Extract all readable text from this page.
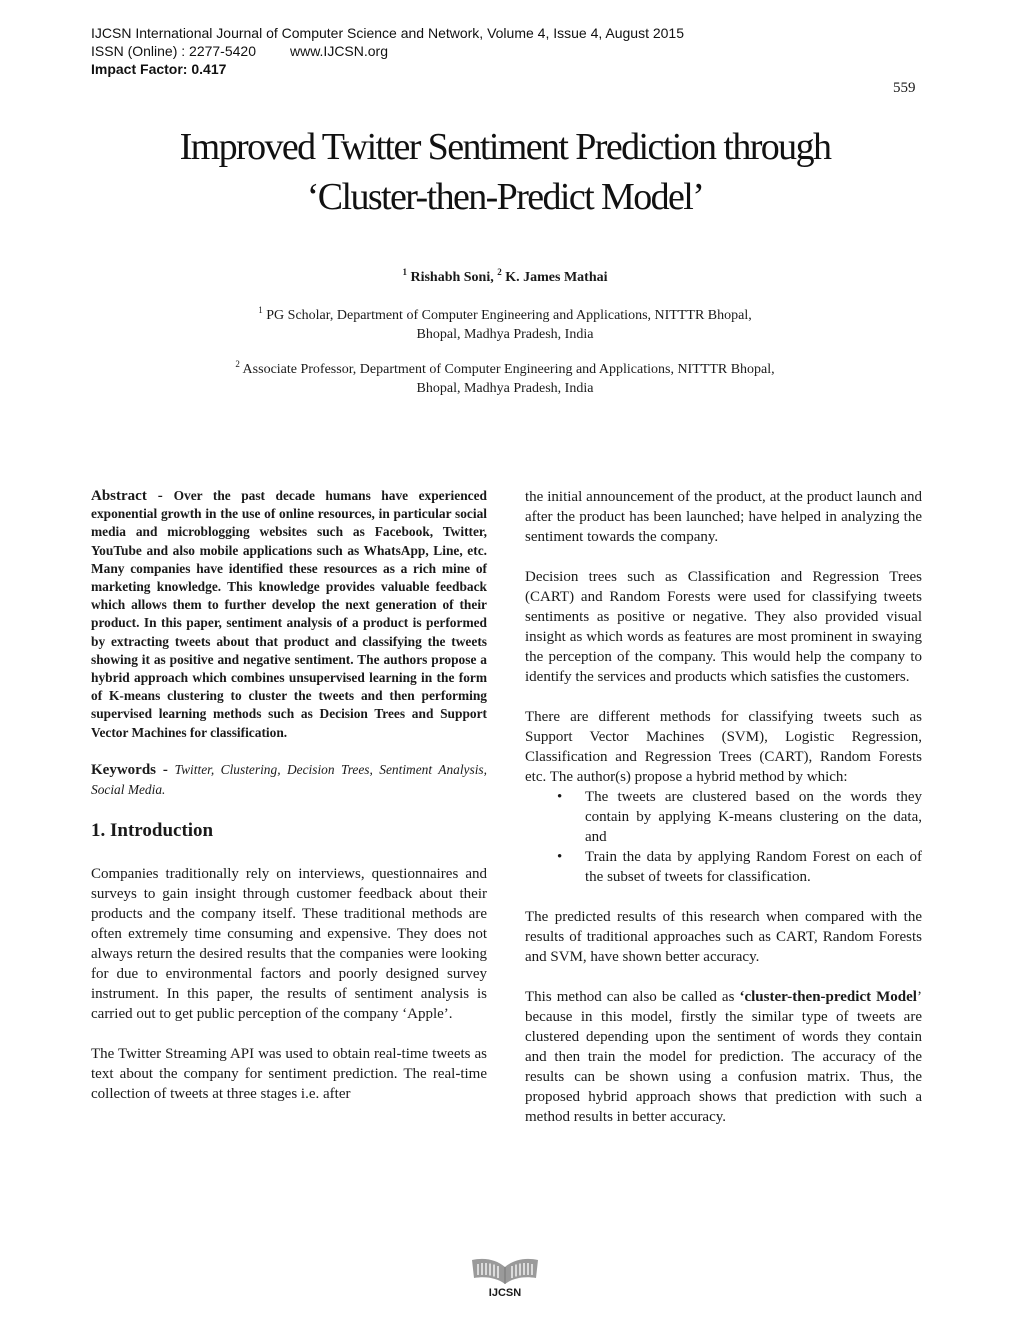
IJCSN International Journal of Computer Science and Network, Volume 4, Issue 4, August 2015
ISSN (Online) : 2277-5420 www.IJCSN.org
Impact Factor: 0.417
559
Improved Twitter Sentiment Prediction through
‘Cluster-then-Predict Model’
$^1$ Rishabh Soni, $^2$ K. James Mathai
$^1$ PG Scholar, Department of Computer Engineering and Applications, NITTTR Bhopal,
Bhopal, Madhya Pradesh, India
$^2$ Associate Professor, Department of Computer Engineering and Applications, NITTTR Bhopal,
Bhopal, Madhya Pradesh, India

Abstract - Over the past decade humans have experienced exponential growth in the use of online resources, in particular social media and microblogging websites such as Facebook, Twitter, YouTube and also mobile applications such as WhatsApp, Line, etc. Many companies have identified these resources as a rich mine of marketing knowledge. This knowledge provides valuable feedback which allows them to further develop the next generation of their product. In this paper, sentiment analysis of a product is performed by extracting tweets about that product and classifying the tweets showing it as positive and negative sentiment. The authors propose a hybrid approach which combines unsupervised learning in the form of K-means clustering to cluster the tweets and then performing supervised learning methods such as Decision Trees and Support Vector Machines for classification.

Keywords - Twitter, Clustering, Decision Trees, Sentiment Analysis, Social Media.

1. Introduction

Companies traditionally rely on interviews, questionnaires and surveys to gain insight through customer feedback about their products and the company itself. These traditional methods are often extremely time consuming and expensive. They does not always return the desired results that the companies were looking for due to environmental factors and poorly designed survey instrument. In this paper, the results of sentiment analysis is carried out to get public perception of the company ‘Apple’.

The Twitter Streaming API was used to obtain real-time tweets as text about the company for sentiment prediction. The real-time collection of tweets at three stages i.e. after

the initial announcement of the product, at the product launch and after the product has been launched; have helped in analyzing the sentiment towards the company.

Decision trees such as Classification and Regression Trees (CART) and Random Forests were used for classifying tweets sentiments as positive or negative. They also provided visual insight as which words as features are most prominent in swaying the perception of the company. This would help the company to identify the services and products which satisfies the customers.

There are different methods for classifying tweets such as Support Vector Machines (SVM), Logistic Regression, Classification and Regression Trees (CART), Random Forests etc. The author(s) propose a hybrid method by which:

• The tweets are clustered based on the words they contain by applying K-means clustering on the data, and
• Train the data by applying Random Forest on each of the subset of tweets for classification.

The predicted results of this research when compared with the results of traditional approaches such as CART, Random Forests and SVM, have shown better accuracy.

This method can also be called as ‘cluster-then-predict Model’ because in this model, firstly the similar type of tweets are clustered depending upon the sentiment of words they contain and then train the model for prediction. The accuracy of the results can be shown using a confusion matrix. Thus, the proposed hybrid approach shows that prediction with such a method results in better accuracy.

IJCSN
